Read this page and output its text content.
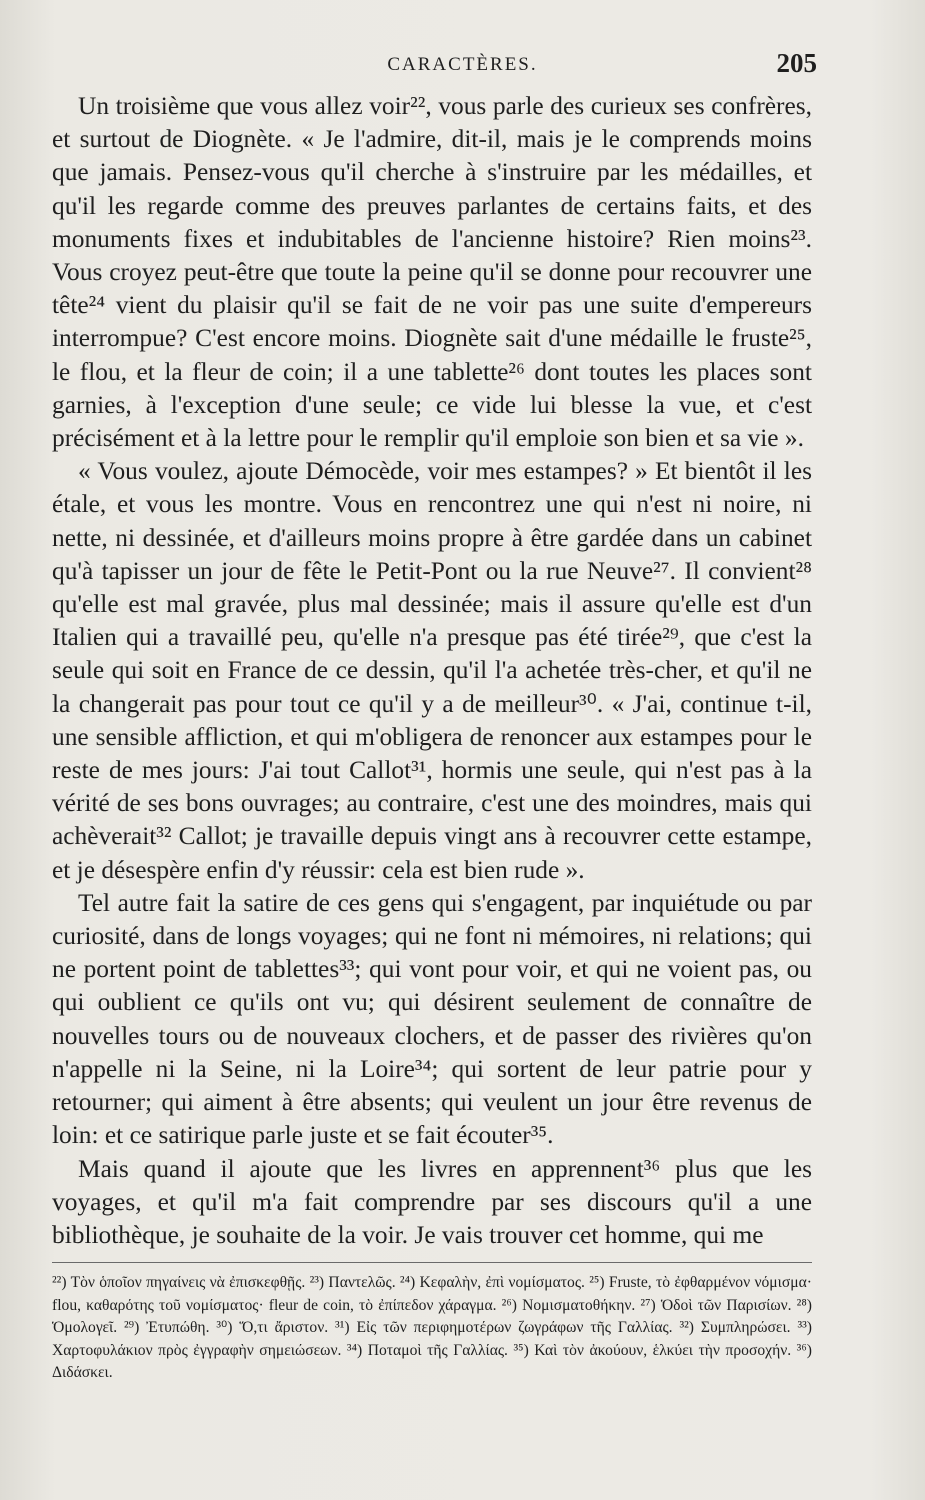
CARACTÈRES.	205

Un troisième que vous allez voir²², vous parle des curieux ses confrères, et surtout de Diognète. « Je l'admire, dit-il, mais je le comprends moins que jamais. Pensez-vous qu'il cherche à s'instruire par les médailles, et qu'il les regarde comme des preuves parlantes de certains faits, et des monuments fixes et indubitables de l'ancienne histoire? Rien moins²³. Vous croyez peut-être que toute la peine qu'il se donne pour recouvrer une tête²⁴ vient du plaisir qu'il se fait de ne voir pas une suite d'empereurs interrompue? C'est encore moins. Diognète sait d'une médaille le fruste²⁵, le flou, et la fleur de coin; il a une tablette²⁶ dont toutes les places sont garnies, à l'exception d'une seule; ce vide lui blesse la vue, et c'est précisément et à la lettre pour le remplir qu'il emploie son bien et sa vie ».

« Vous voulez, ajoute Démocède, voir mes estampes? » Et bientôt il les étale, et vous les montre. Vous en rencontrez une qui n'est ni noire, ni nette, ni dessinée, et d'ailleurs moins propre à être gardée dans un cabinet qu'à tapisser un jour de fête le Petit-Pont ou la rue Neuve²⁷. Il convient²⁸ qu'elle est mal gravée, plus mal dessinée; mais il assure qu'elle est d'un Italien qui a travaillé peu, qu'elle n'a presque pas été tirée²⁹, que c'est la seule qui soit en France de ce dessin, qu'il l'a achetée très-cher, et qu'il ne la changerait pas pour tout ce qu'il y a de meilleur³⁰. « J'ai, continue t-il, une sensible affliction, et qui m'obligera de renoncer aux estampes pour le reste de mes jours: J'ai tout Callot³¹, hormis une seule, qui n'est pas à la vérité de ses bons ouvrages; au contraire, c'est une des moindres, mais qui achèverait³² Callot; je travaille depuis vingt ans à recouvrer cette estampe, et je désespère enfin d'y réussir: cela est bien rude ».

Tel autre fait la satire de ces gens qui s'engagent, par inquiétude ou par curiosité, dans de longs voyages; qui ne font ni mémoires, ni relations; qui ne portent point de tablettes³³; qui vont pour voir, et qui ne voient pas, ou qui oublient ce qu'ils ont vu; qui désirent seulement de connaître de nouvelles tours ou de nouveaux clochers, et de passer des rivières qu'on n'appelle ni la Seine, ni la Loire³⁴; qui sortent de leur patrie pour y retourner; qui aiment à être absents; qui veulent un jour être revenus de loin: et ce satirique parle juste et se fait écouter³⁵.

Mais quand il ajoute que les livres en apprennent³⁶ plus que les voyages, et qu'il m'a fait comprendre par ses discours qu'il a une bibliothèque, je souhaite de la voir. Je vais trouver cet homme, qui me

²²) Τὸν ὁποῖον πηγαίνεις νὰ ἐπισκεφθῇς. ²³) Παντελῶς. ²⁴) Κεφαλὴν, ἐπὶ νομίσματος. ²⁵) Fruste, τὸ ἐφθαρμένον νόμισμα· flou, καθαρότης τοῦ νομίσματος· fleur de coin, τὸ ἐπίπεδον χάραγμα. ²⁶) Νομισματοθήκην. ²⁷) Ὁδοὶ τῶν Παρισίων. ²⁸) Ὁμολογεῖ. ²⁹) Ἐτυπώθη. ³⁰) Ὅ,τι ἄριστον. ³¹) Εἰς τῶν περιφημοτέρων ζωγράφων τῆς Γαλλίας. ³²) Συμπληρώσει. ³³) Χαρτοφυλάκιον πρὸς ἐγγραφὴν σημειώσεων. ³⁴) Ποταμοὶ τῆς Γαλλίας. ³⁵) Καὶ τὸν ἀκούουν, ἑλκύει τὴν προσοχήν. ³⁶) Διδάσκει.
